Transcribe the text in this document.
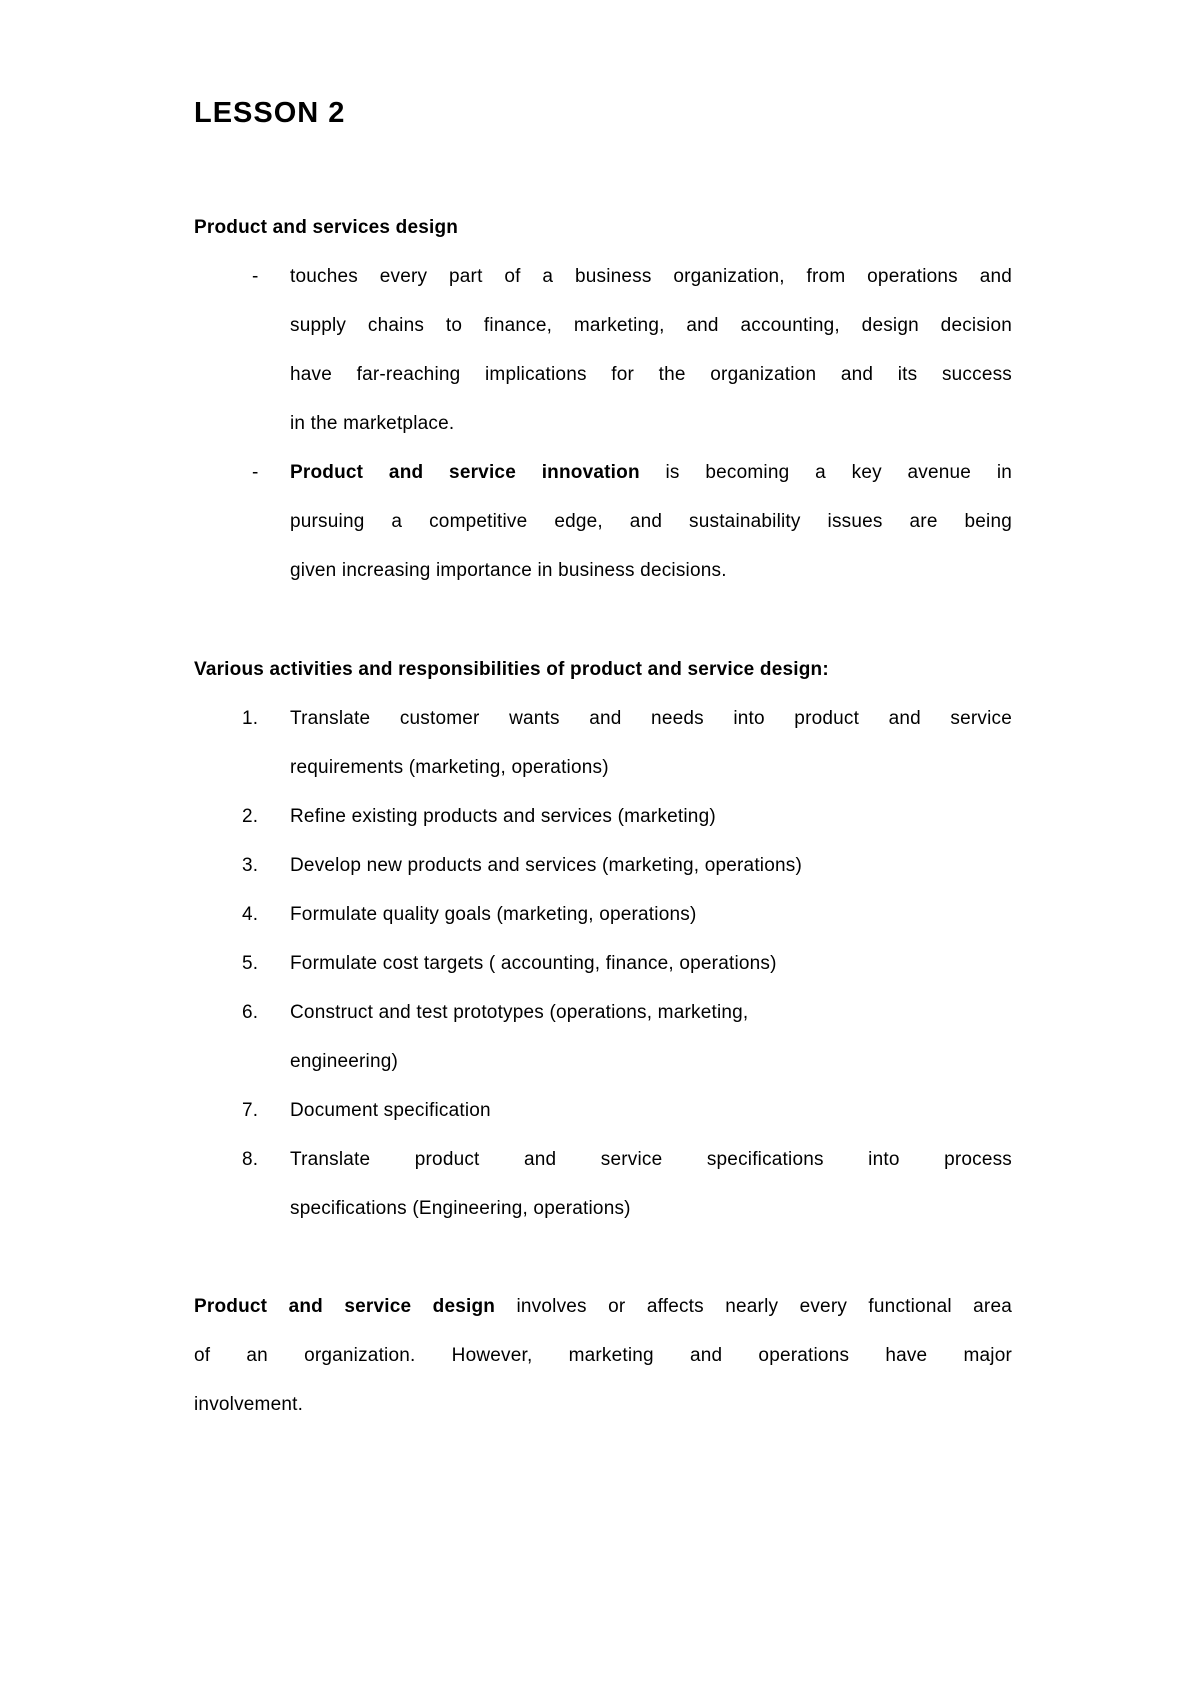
LESSON 2
Product and services design
-	touches every part of a business organization, from operations and
supply chains to finance, marketing, and accounting, design decision
have far-reaching implications for the organization and its success
in the marketplace.
-	Product and service innovation is becoming a key avenue in
pursuing a competitive edge, and sustainability issues are being
given increasing importance in business decisions.
Various activities and responsibilities of product and service design:
1.	Translate customer wants and needs into product and service
requirements (marketing, operations)
2.	Refine existing products and services (marketing)
3.	Develop new products and services (marketing, operations)
4.	Formulate quality goals (marketing, operations)
5.	Formulate cost targets ( accounting, finance, operations)
6.	Construct and test prototypes (operations, marketing,
engineering)
7.	Document specification
8.	Translate product and service specifications into process
specifications (Engineering, operations)
Product and service design involves or affects nearly every functional area
of an organization. However, marketing and operations have major
involvement.
